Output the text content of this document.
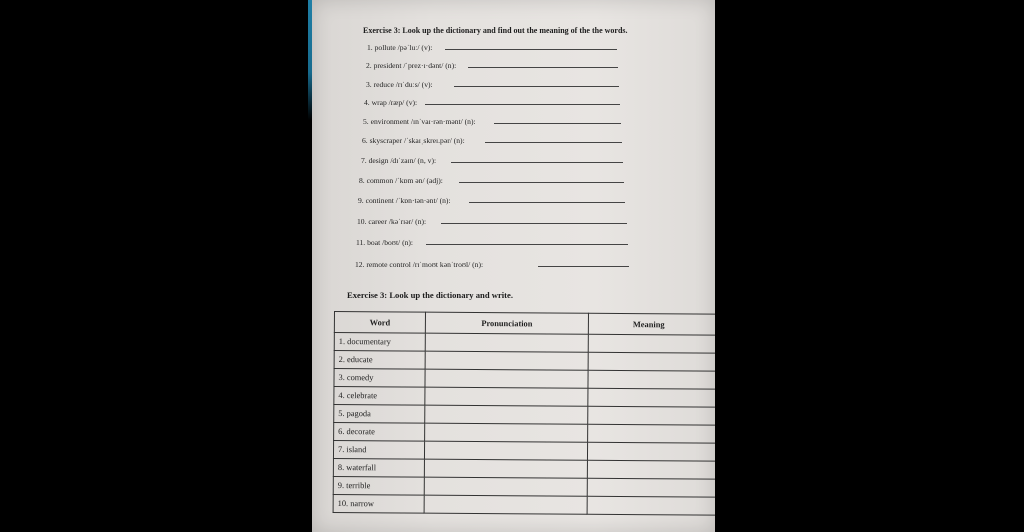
Exercise 3: Look up the dictionary and find out the meaning of the the words.
1. pollute /pəˈluː/ (v):
2. president /ˈprez·ɪ·dənt/ (n):
3. reduce /rɪˈduːs/ (v):
4. wrap /ræp/ (v):
5. environment /ɪnˈvaɪ·rən·mənt/ (n):
6. skyscraper /ˈskaɪˌskreɪ.pər/ (n):
7. design /dɪˈzaɪn/ (n, v):
8. common /ˈkɒm ən/ (adj):
9. continent /ˈkɒn·tən·ənt/ (n):
10. career /kəˈrɪər/ (n):
11. boat /boʊt/ (n):
12. remote control /rɪˈmoʊt kənˈtroʊl/ (n):
Exercise 3: Look up the dictionary and write.
Word	Pronunciation	Meaning
1. documentary		
2. educate		
3. comedy		
4. celebrate		
5. pagoda		
6. decorate		
7. island		
8. waterfall		
9. terrible		
10. narrow		
